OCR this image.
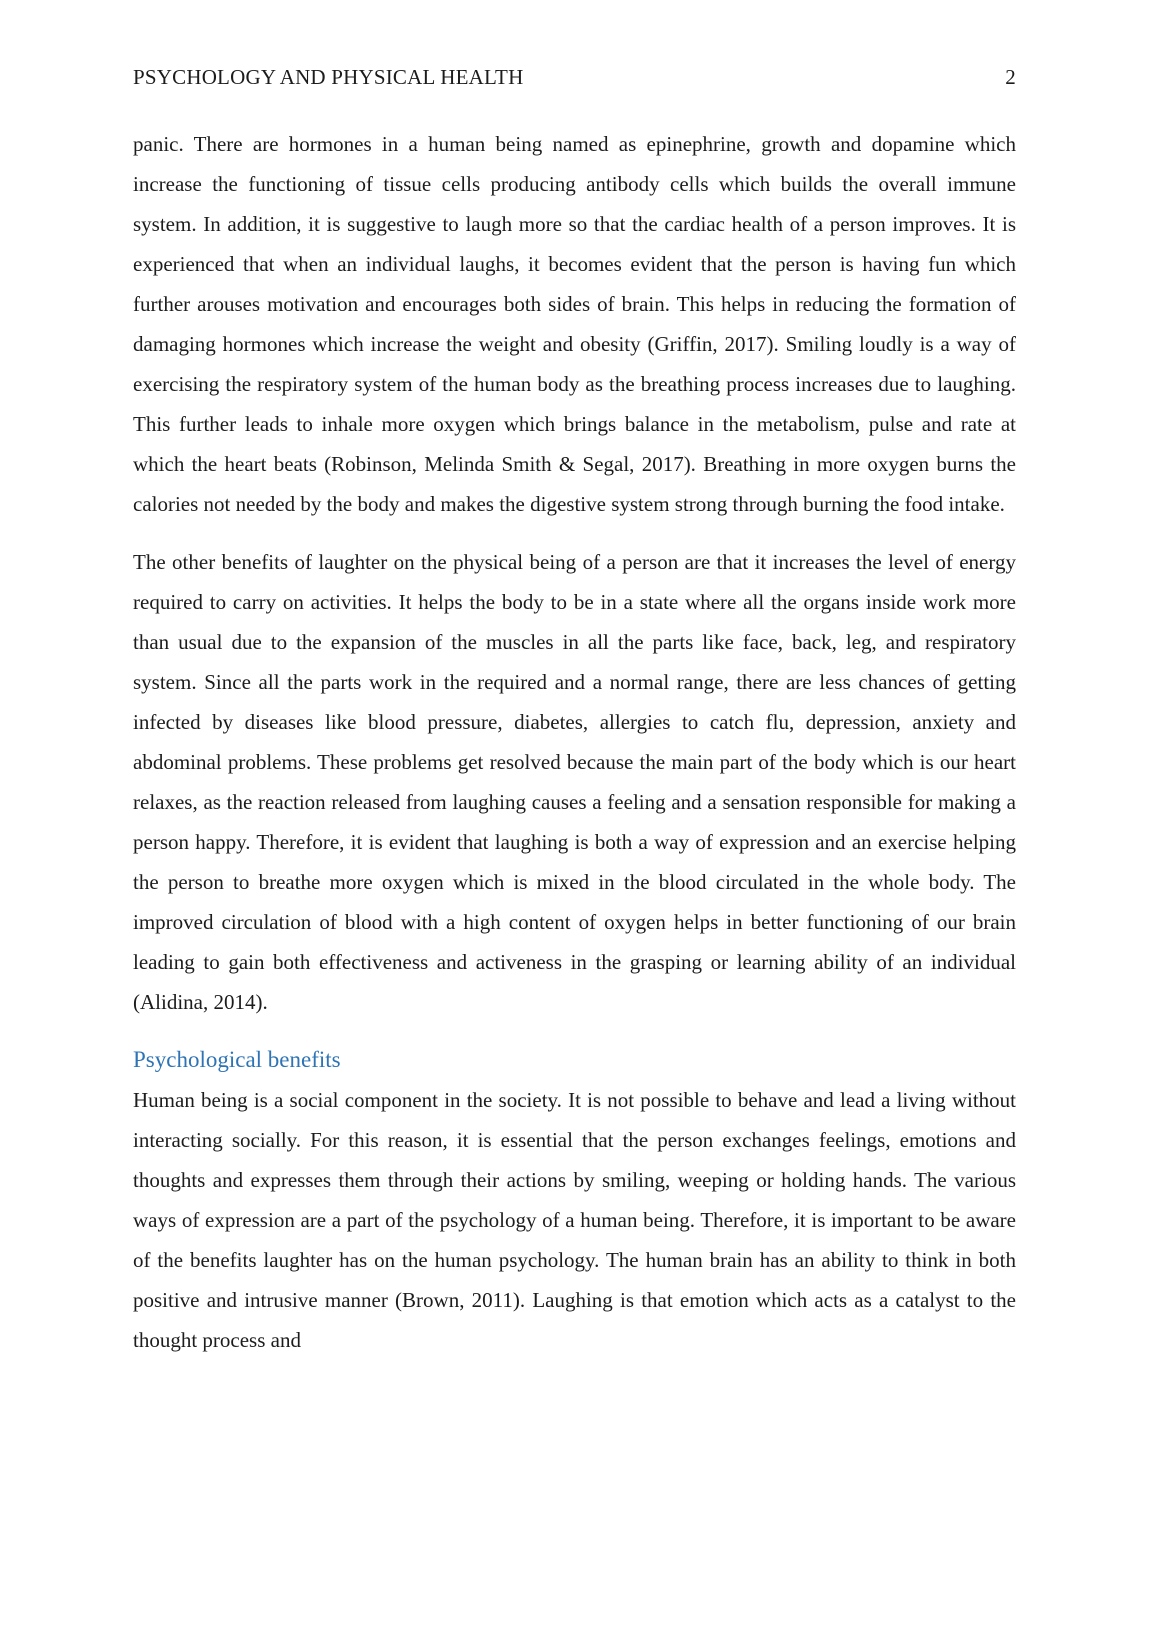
PSYCHOLOGY AND PHYSICAL HEALTH	2

panic. There are hormones in a human being named as epinephrine, growth and dopamine which increase the functioning of tissue cells producing antibody cells which builds the overall immune system. In addition, it is suggestive to laugh more so that the cardiac health of a person improves. It is experienced that when an individual laughs, it becomes evident that the person is having fun which further arouses motivation and encourages both sides of brain. This helps in reducing the formation of damaging hormones which increase the weight and obesity (Griffin, 2017). Smiling loudly is a way of exercising the respiratory system of the human body as the breathing process increases due to laughing. This further leads to inhale more oxygen which brings balance in the metabolism, pulse and rate at which the heart beats (Robinson, Melinda Smith & Segal, 2017). Breathing in more oxygen burns the calories not needed by the body and makes the digestive system strong through burning the food intake.

The other benefits of laughter on the physical being of a person are that it increases the level of energy required to carry on activities. It helps the body to be in a state where all the organs inside work more than usual due to the expansion of the muscles in all the parts like face, back, leg, and respiratory system. Since all the parts work in the required and a normal range, there are less chances of getting infected by diseases like blood pressure, diabetes, allergies to catch flu, depression, anxiety and abdominal problems. These problems get resolved because the main part of the body which is our heart relaxes, as the reaction released from laughing causes a feeling and a sensation responsible for making a person happy. Therefore, it is evident that laughing is both a way of expression and an exercise helping the person to breathe more oxygen which is mixed in the blood circulated in the whole body. The improved circulation of blood with a high content of oxygen helps in better functioning of our brain leading to gain both effectiveness and activeness in the grasping or learning ability of an individual (Alidina, 2014).

Psychological benefits

Human being is a social component in the society. It is not possible to behave and lead a living without interacting socially. For this reason, it is essential that the person exchanges feelings, emotions and thoughts and expresses them through their actions by smiling, weeping or holding hands. The various ways of expression are a part of the psychology of a human being. Therefore, it is important to be aware of the benefits laughter has on the human psychology. The human brain has an ability to think in both positive and intrusive manner (Brown, 2011). Laughing is that emotion which acts as a catalyst to the thought process and
